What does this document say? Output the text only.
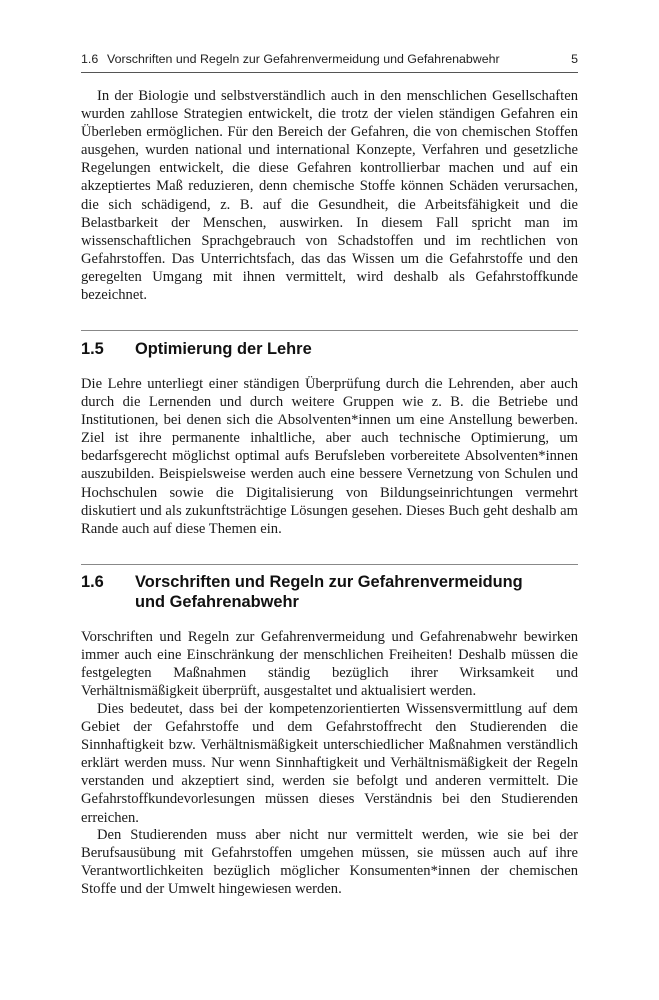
1.6 Vorschriften und Regeln zur Gefahrenvermeidung und Gefahrenabwehr	5

In der Biologie und selbstverständlich auch in den menschlichen Gesellschaften wurden zahllose Strategien entwickelt, die trotz der vielen ständigen Gefahren ein Überleben ermöglichen. Für den Bereich der Gefahren, die von chemischen Stoffen ausgehen, wurden national und international Konzepte, Verfahren und gesetzliche Regelungen entwickelt, die diese Gefahren kontrollierbar machen und auf ein akzeptiertes Maß reduzieren, denn chemische Stoffe können Schäden verursachen, die sich schädigend, z. B. auf die Gesundheit, die Arbeitsfähigkeit und die Belastbarkeit der Menschen, auswirken. In diesem Fall spricht man im wissenschaftlichen Sprachgebrauch von Schadstoffen und im rechtlichen von Gefahrstoffen. Das Unterrichtsfach, das das Wissen um die Gefahrstoffe und den geregelten Umgang mit ihnen vermittelt, wird deshalb als Gefahrstoffkunde bezeichnet.

1.5 Optimierung der Lehre

Die Lehre unterliegt einer ständigen Überprüfung durch die Lehrenden, aber auch durch die Lernenden und durch weitere Gruppen wie z. B. die Betriebe und Institutionen, bei denen sich die Absolventen*innen um eine Anstellung bewerben. Ziel ist ihre permanente inhaltliche, aber auch technische Optimierung, um bedarfsgerecht möglichst optimal aufs Berufsleben vorbereitete Absolventen*innen auszubilden. Beispielsweise werden auch eine bessere Vernetzung von Schulen und Hochschulen sowie die Digitalisierung von Bildungseinrichtungen vermehrt diskutiert und als zukunftsträchtige Lösungen gesehen. Dieses Buch geht deshalb am Rande auch auf diese Themen ein.

1.6 Vorschriften und Regeln zur Gefahrenvermeidung
und Gefahrenabwehr

Vorschriften und Regeln zur Gefahrenvermeidung und Gefahrenabwehr bewirken immer auch eine Einschränkung der menschlichen Freiheiten! Deshalb müssen die festgelegten Maßnahmen ständig bezüglich ihrer Wirksamkeit und Verhältnismäßigkeit überprüft, ausgestaltet und aktualisiert werden.

Dies bedeutet, dass bei der kompetenzorientierten Wissensvermittlung auf dem Gebiet der Gefahrstoffe und dem Gefahrstoffrecht den Studierenden die Sinnhaftigkeit bzw. Verhältnismäßigkeit unterschiedlicher Maßnahmen verständlich erklärt werden muss. Nur wenn Sinnhaftigkeit und Verhältnismäßigkeit der Regeln verstanden und akzeptiert sind, werden sie befolgt und anderen vermittelt. Die Gefahrstoffkundevorlesungen müssen dieses Verständnis bei den Studierenden erreichen.

Den Studierenden muss aber nicht nur vermittelt werden, wie sie bei der Berufsausübung mit Gefahrstoffen umgehen müssen, sie müssen auch auf ihre Verantwortlichkeiten bezüglich möglicher Konsumenten*innen der chemischen Stoffe und der Umwelt hingewiesen werden.
